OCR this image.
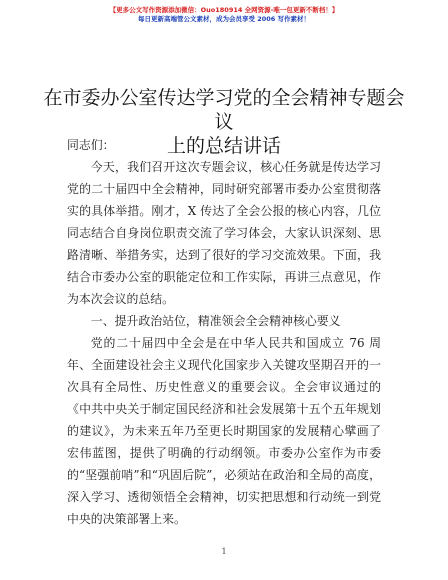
【更多公文写作资源添加微信：Ouo180914 全网资源-唯一包更新不断档！】
每日更新高端管公文素材，成为会员享受 2006 写作素材！
在市委办公室传达学习党的全会精神专题会议
上的总结讲话

同志们：

今天，我们召开这次专题会议，核心任务就是传达学习党的二十届四中全会精神，同时研究部署市委办公室贯彻落实的具体举措。刚才，X 传达了全会公报的核心内容，几位同志结合自身岗位职责交流了学习体会，大家认识深刻、思路清晰、举措务实，达到了很好的学习交流效果。下面，我结合市委办公室的职能定位和工作实际，再讲三点意见，作为本次会议的总结。

一、提升政治站位，精准领会全会精神核心要义

党的二十届四中全会是在中华人民共和国成立 76 周年、全面建设社会主义现代化国家步入关键攻坚期召开的一次具有全局性、历史性意义的重要会议。全会审议通过的《中共中央关于制定国民经济和社会发展第十五个五年规划的建议》，为未来五年乃至更长时期国家的发展精心擘画了宏伟蓝图，提供了明确的行动纲领。市委办公室作为市委的“坚强前哨”和“巩固后院”，必须站在政治和全局的高度，深入学习、透彻领悟全会精神，切实把思想和行动统一到党中央的决策部署上来。

1
